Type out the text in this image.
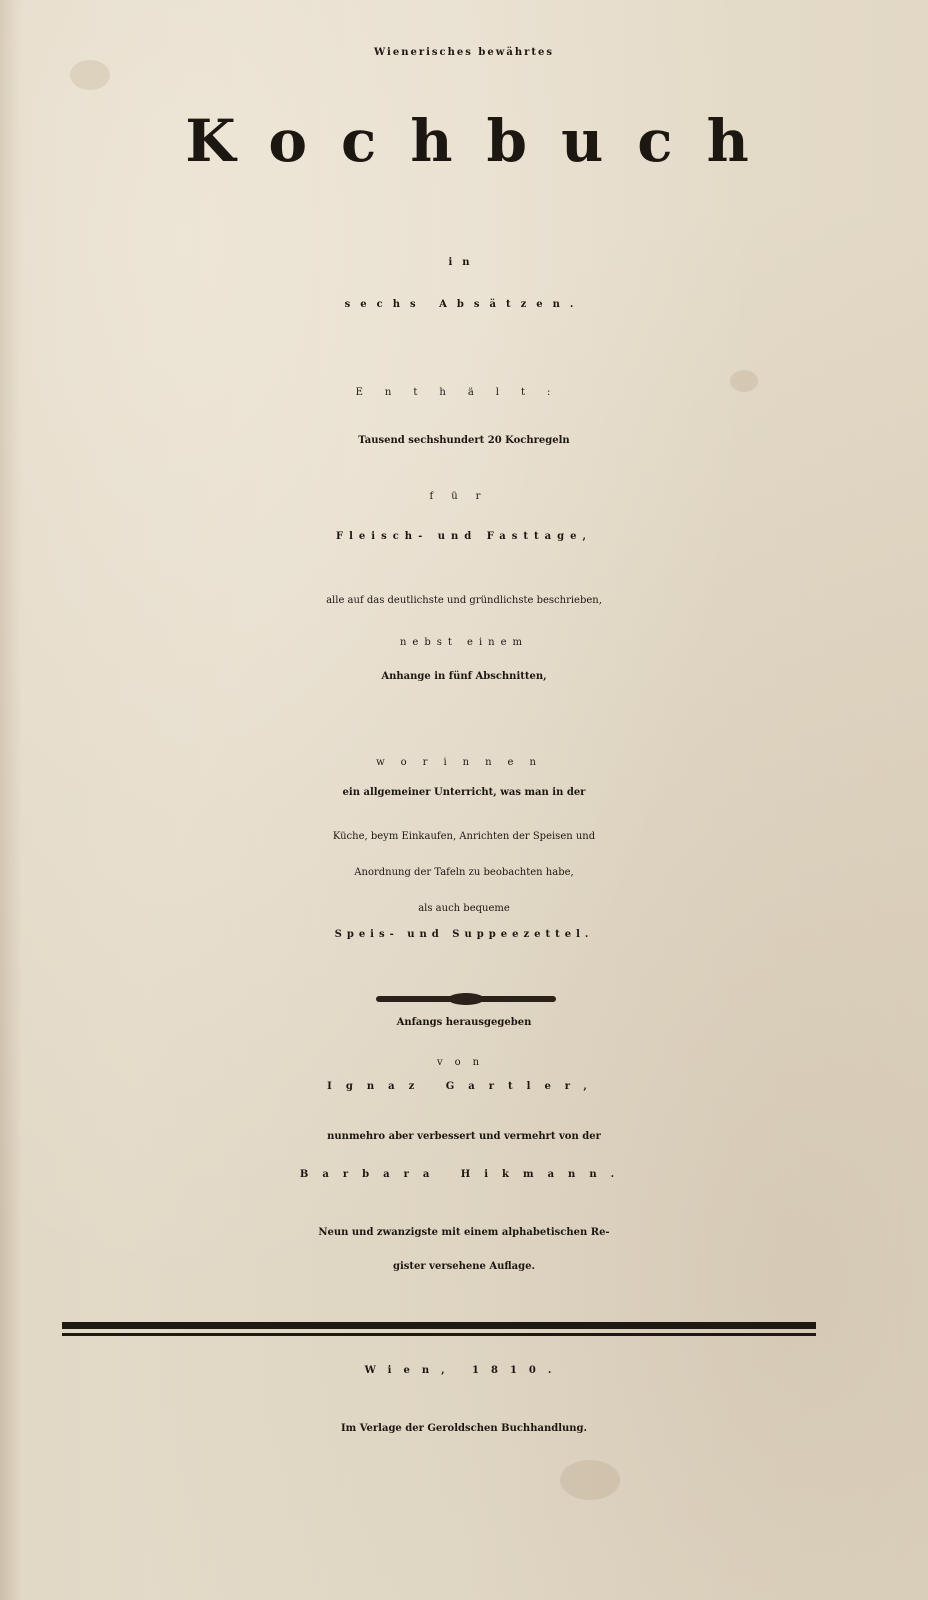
Wienerisches bewährtes
Kochbuch
in
sechs Absätzen.
Enthält:
Tausend sechshundert 20 Kochregeln
für
Fleisch- und Fasttage,
alle auf das deutlichste und gründlichste beschrieben,
nebst einem
Anhange in fünf Abschnitten,
worinnen
ein allgemeiner Unterricht, was man in der
Küche, beym Einkaufen, Anrichten der Speisen und
Anordnung der Tafeln zu beobachten habe,
als auch bequeme
Speis- und Suppeezettel.
Anfangs herausgegeben
von
Ignaz Gartler,
nunmehro aber verbessert und vermehrt von der
Barbara Hikmann.
Neun und zwanzigste mit einem alphabetischen Re-
gister versehene Auflage.
Wien, 1810.
Im Verlage der Geroldschen Buchhandlung.
